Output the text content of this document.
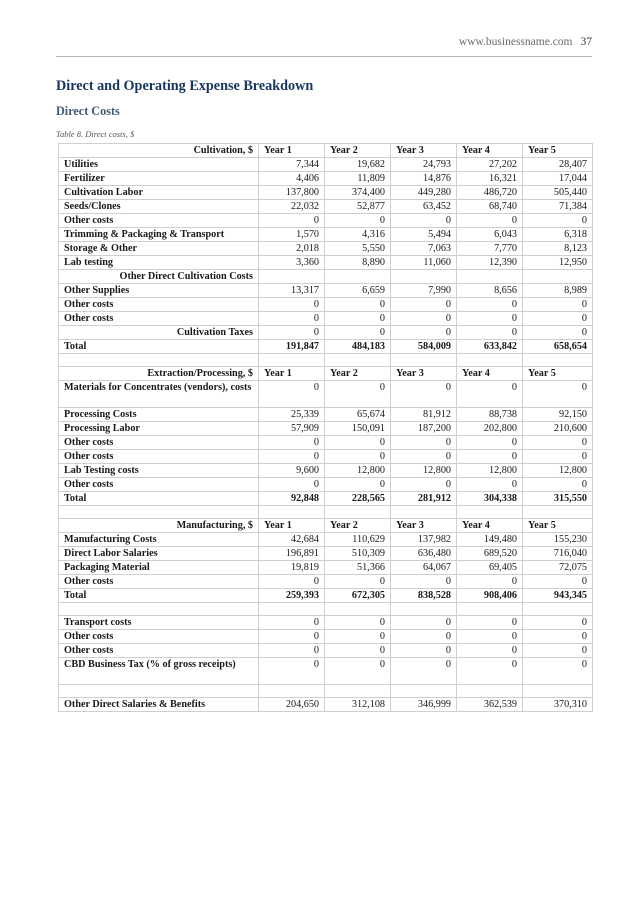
www.businessname.com 37
Direct and Operating Expense Breakdown
Direct Costs
Table 8. Direct costs, $
Cultivation, $	Year 1	Year 2	Year 3	Year 4	Year 5
Utilities	7,344	19,682	24,793	27,202	28,407
Fertilizer	4,406	11,809	14,876	16,321	17,044
Cultivation Labor	137,800	374,400	449,280	486,720	505,440
Seeds/Clones	22,032	52,877	63,452	68,740	71,384
Other costs	0	0	0	0	0
Trimming & Packaging & Transport	1,570	4,316	5,494	6,043	6,318
Storage & Other	2,018	5,550	7,063	7,770	8,123
Lab testing	3,360	8,890	11,060	12,390	12,950
Other Direct Cultivation Costs					
Other Supplies	13,317	6,659	7,990	8,656	8,989
Other costs	0	0	0	0	0
Other costs	0	0	0	0	0
Cultivation Taxes	0	0	0	0	0
Total	191,847	484,183	584,009	633,842	658,654

Extraction/Processing, $	Year 1	Year 2	Year 3	Year 4	Year 5
Materials for Concentrates (vendors), costs	0	0	0	0	0
Processing Costs	25,339	65,674	81,912	88,738	92,150
Processing Labor	57,909	150,091	187,200	202,800	210,600
Other costs	0	0	0	0	0
Other costs	0	0	0	0	0
Lab Testing costs	9,600	12,800	12,800	12,800	12,800
Other costs	0	0	0	0	0
Total	92,848	228,565	281,912	304,338	315,550

Manufacturing, $	Year 1	Year 2	Year 3	Year 4	Year 5
Manufacturing Costs	42,684	110,629	137,982	149,480	155,230
Direct Labor Salaries	196,891	510,309	636,480	689,520	716,040
Packaging Material	19,819	51,366	64,067	69,405	72,075
Other costs	0	0	0	0	0
Total	259,393	672,305	838,528	908,406	943,345

Transport costs	0	0	0	0	0
Other costs	0	0	0	0	0
Other costs	0	0	0	0	0
CBD Business Tax (% of gross receipts)	0	0	0	0	0

Other Direct Salaries & Benefits	204,650	312,108	346,999	362,539	370,310
